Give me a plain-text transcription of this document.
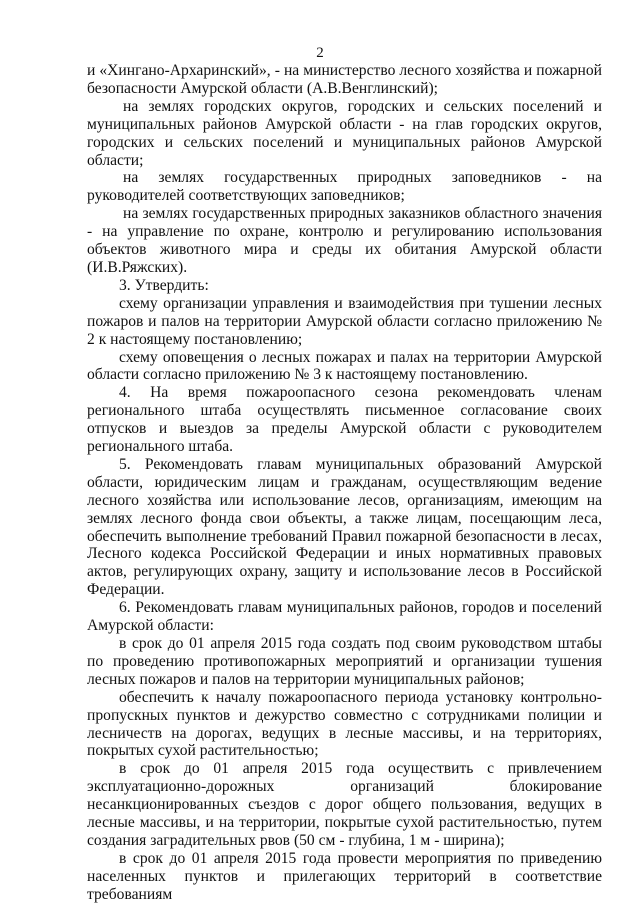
2

и «Хингано-Архаринский», - на министерство лесного хозяйства и пожарной безопасности Амурской области (А.В.Венглинский);

на землях городских округов, городских и сельских поселений и муниципальных районов Амурской области - на глав городских округов, городских и сельских поселений и муниципальных районов Амурской области;

на землях государственных природных заповедников - на руководителей соответствующих заповедников;

на землях государственных природных заказников областного значения - на управление по охране, контролю и регулированию использования объектов животного мира и среды их обитания Амурской области (И.В.Ряжских).

3. Утвердить:

схему организации управления и взаимодействия при тушении лесных пожаров и палов на территории Амурской области согласно приложению № 2 к настоящему постановлению;

схему оповещения о лесных пожарах и палах на территории Амурской области согласно приложению № 3 к настоящему постановлению.

4. На время пожароопасного сезона рекомендовать членам регионального штаба осуществлять письменное согласование своих отпусков и выездов за пределы Амурской области с руководителем регионального штаба.

5. Рекомендовать главам муниципальных образований Амурской области, юридическим лицам и гражданам, осуществляющим ведение лесного хозяйства или использование лесов, организациям, имеющим на землях лесного фонда свои объекты, а также лицам, посещающим леса, обеспечить выполнение требований Правил пожарной безопасности в лесах, Лесного кодекса Российской Федерации и иных нормативных правовых актов, регулирующих охрану, защиту и использование лесов в Российской Федерации.

6. Рекомендовать главам муниципальных районов, городов и поселений Амурской области:

в срок до 01 апреля 2015 года создать под своим руководством штабы по проведению противопожарных мероприятий и организации тушения лесных пожаров и палов на территории муниципальных районов;

обеспечить к началу пожароопасного периода установку контрольно-пропускных пунктов и дежурство совместно с сотрудниками полиции и лесничеств на дорогах, ведущих в лесные массивы, и на территориях, покрытых сухой растительностью;

в срок до 01 апреля 2015 года осуществить с привлечением эксплуатационно-дорожных организаций блокирование несанкционированных съездов с дорог общего пользования, ведущих в лесные массивы, и на территории, покрытые сухой растительностью, путем создания заградительных рвов (50 см - глубина, 1 м - ширина);

в срок до 01 апреля 2015 года провести мероприятия по приведению населенных пунктов и прилегающих территорий в соответствие требованиям
